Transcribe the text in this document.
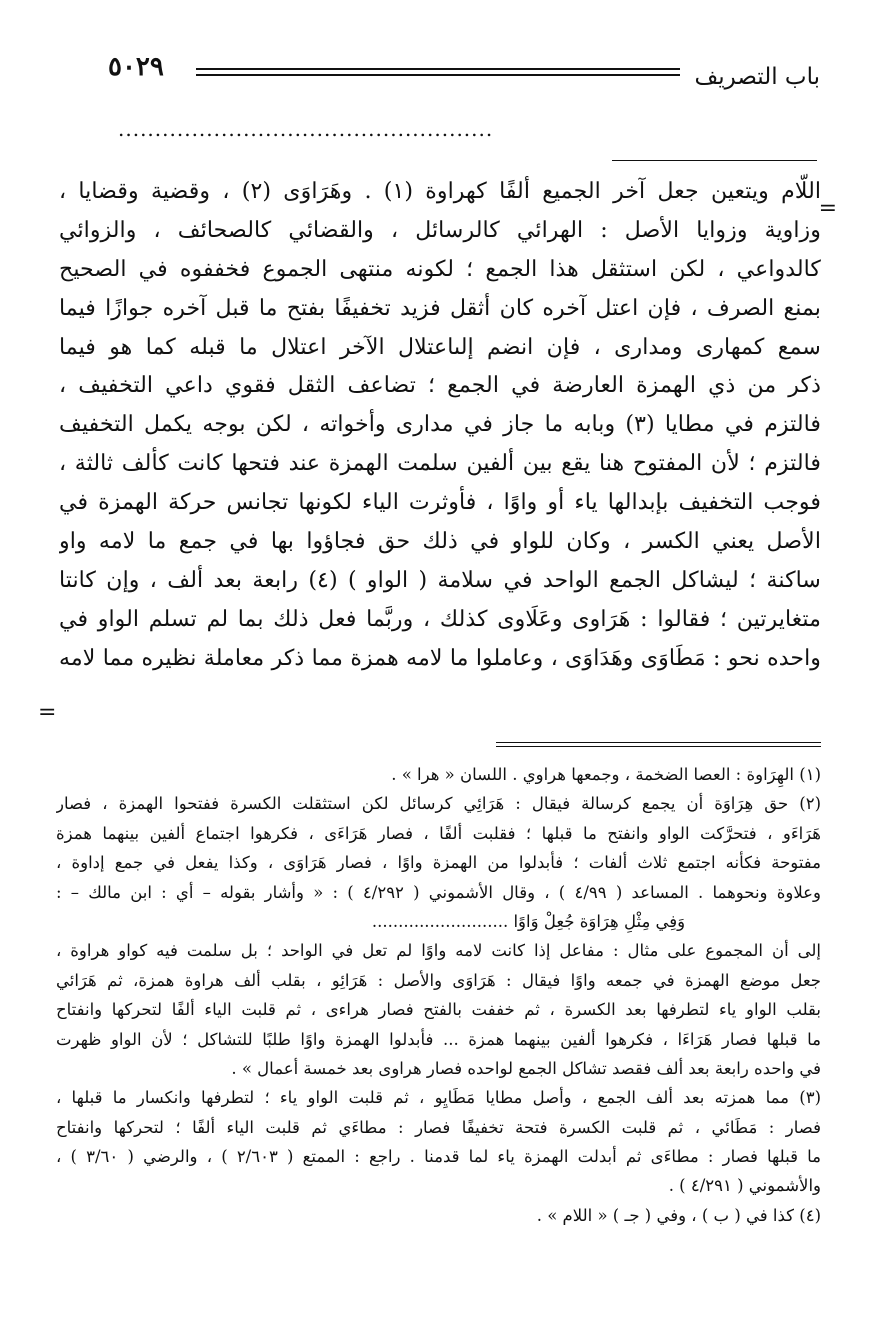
٥٠٢٩	باب التصريف
...................................................
=
اللّام ويتعين جعل آخر الجميع ألفًا كهراوة (١) . وهَرَاوَى (٢) ، وقضية وقضايا ،
وزاوية وزوايا الأصل : الهرائي كالرسائل ، والقضائي كالصحائف ، والزوائي
كالدواعي ، لكن استثقل هذا الجمع ؛ لكونه منتهى الجموع فخففوه في الصحيح
بمنع الصرف ، فإن اعتل آخره كان أثقل فزيد تخفيفًا بفتح ما قبل آخره جوازًا فيما
سمع كمهارى ومدارى ، فإن انضم إلىاعتلال الآخر اعتلال ما قبله كما هو فيما
ذكر من ذي الهمزة العارضة في الجمع ؛ تضاعف الثقل فقوي داعي التخفيف ،
فالتزم في مطايا (٣) وبابه ما جاز في مدارى وأخواته ، لكن بوجه يكمل التخفيف
فالتزم ؛ لأن المفتوح هنا يقع بين ألفين سلمت الهمزة عند فتحها كانت كألف ثالثة ،
فوجب التخفيف بإبدالها ياء أو واوًا ، فأوثرت الياء لكونها تجانس حركة الهمزة في
الأصل يعني الكسر ، وكان للواو في ذلك حق فجاؤوا بها في جمع ما لامه واو
ساكنة ؛ ليشاكل الجمع الواحد في سلامة ( الواو ) (٤) رابعة بعد ألف ، وإن كانتا
متغايرتين ؛ فقالوا : هَرَاوى وعَلَاوى كذلك ، وربَّما فعل ذلك بما لم تسلم الواو في
واحده نحو : مَطَاوَى وهَدَاوَى ، وعاملوا ما لامه همزة مما ذكر معاملة نظيره مما لامه
=
(١) الهِرَاوة : العصا الضخمة ، وجمعها هراوي . اللسان « هرا » .
(٢) حق هِرَاوَة أن يجمع كرسالة فيقال : هَرَائِي كرسائل لكن استثقلت الكسرة ففتحوا الهمزة ، فصار
هَرَاءَو ، فتحرَّكت الواو وانفتح ما قبلها ؛ فقلبت ألفًا ، فصار هَرَاءَى ، فكرهوا اجتماع ألفين بينهما همزة
مفتوحة فكأنه اجتمع ثلاث ألفات ؛ فأبدلوا من الهمزة واوًا ، فصار هَرَاوَى ، وكذا يفعل في جمع إداوة ،
وعلاوة ونحوهما . المساعد ( ٤/٩٩ ) ، وقال الأشموني ( ٤/٢٩٢ ) : « وأشار بقوله – أي : ابن مالك – :
وَفِي مِثْلِ هِرَاوَة جُعِلْ وَاوًا ..........................
إلى أن المجموع على مثال : مفاعل إذا كانت لامه واوًا لم تعل في الواحد ؛ بل سلمت فيه كواو هراوة ،
جعل موضع الهمزة في جمعه واوًا فيقال : هَرَاوَى والأصل : هَرَائِو ، بقلب ألف هراوة همزة، ثم هَرَائي
بقلب الواو ياء لتطرفها بعد الكسرة ، ثم خففت بالفتح فصار هراءى ، ثم قلبت الياء ألفًا لتحركها وانفتاح
ما قبلها فصار هَرَاءَا ، فكرهوا ألفين بينهما همزة ... فأبدلوا الهمزة واوًا طلبًا للتشاكل ؛ لأن الواو ظهرت
في واحده رابعة بعد ألف فقصد تشاكل الجمع لواحده فصار هراوى بعد خمسة أعمال » .
(٣) مما همزته بعد ألف الجمع ، وأصل مطايا مَطَايِو ، ثم قلبت الواو ياء ؛ لتطرفها وانكسار ما قبلها ،
فصار : مَطَائي ، ثم قلبت الكسرة فتحة تخفيفًا فصار : مطاءَي ثم قلبت الياء ألفًا ؛ لتحركها وانفتاح
ما قبلها فصار : مطاءَى ثم أبدلت الهمزة ياء لما قدمنا . راجع : الممتع ( ٢/٦٠٣ ) ، والرضي ( ٣/٦٠ ) ،
والأشموني ( ٤/٢٩١ ) .
(٤) كذا في ( ب ) ، وفي ( جـ ) « اللام » .
